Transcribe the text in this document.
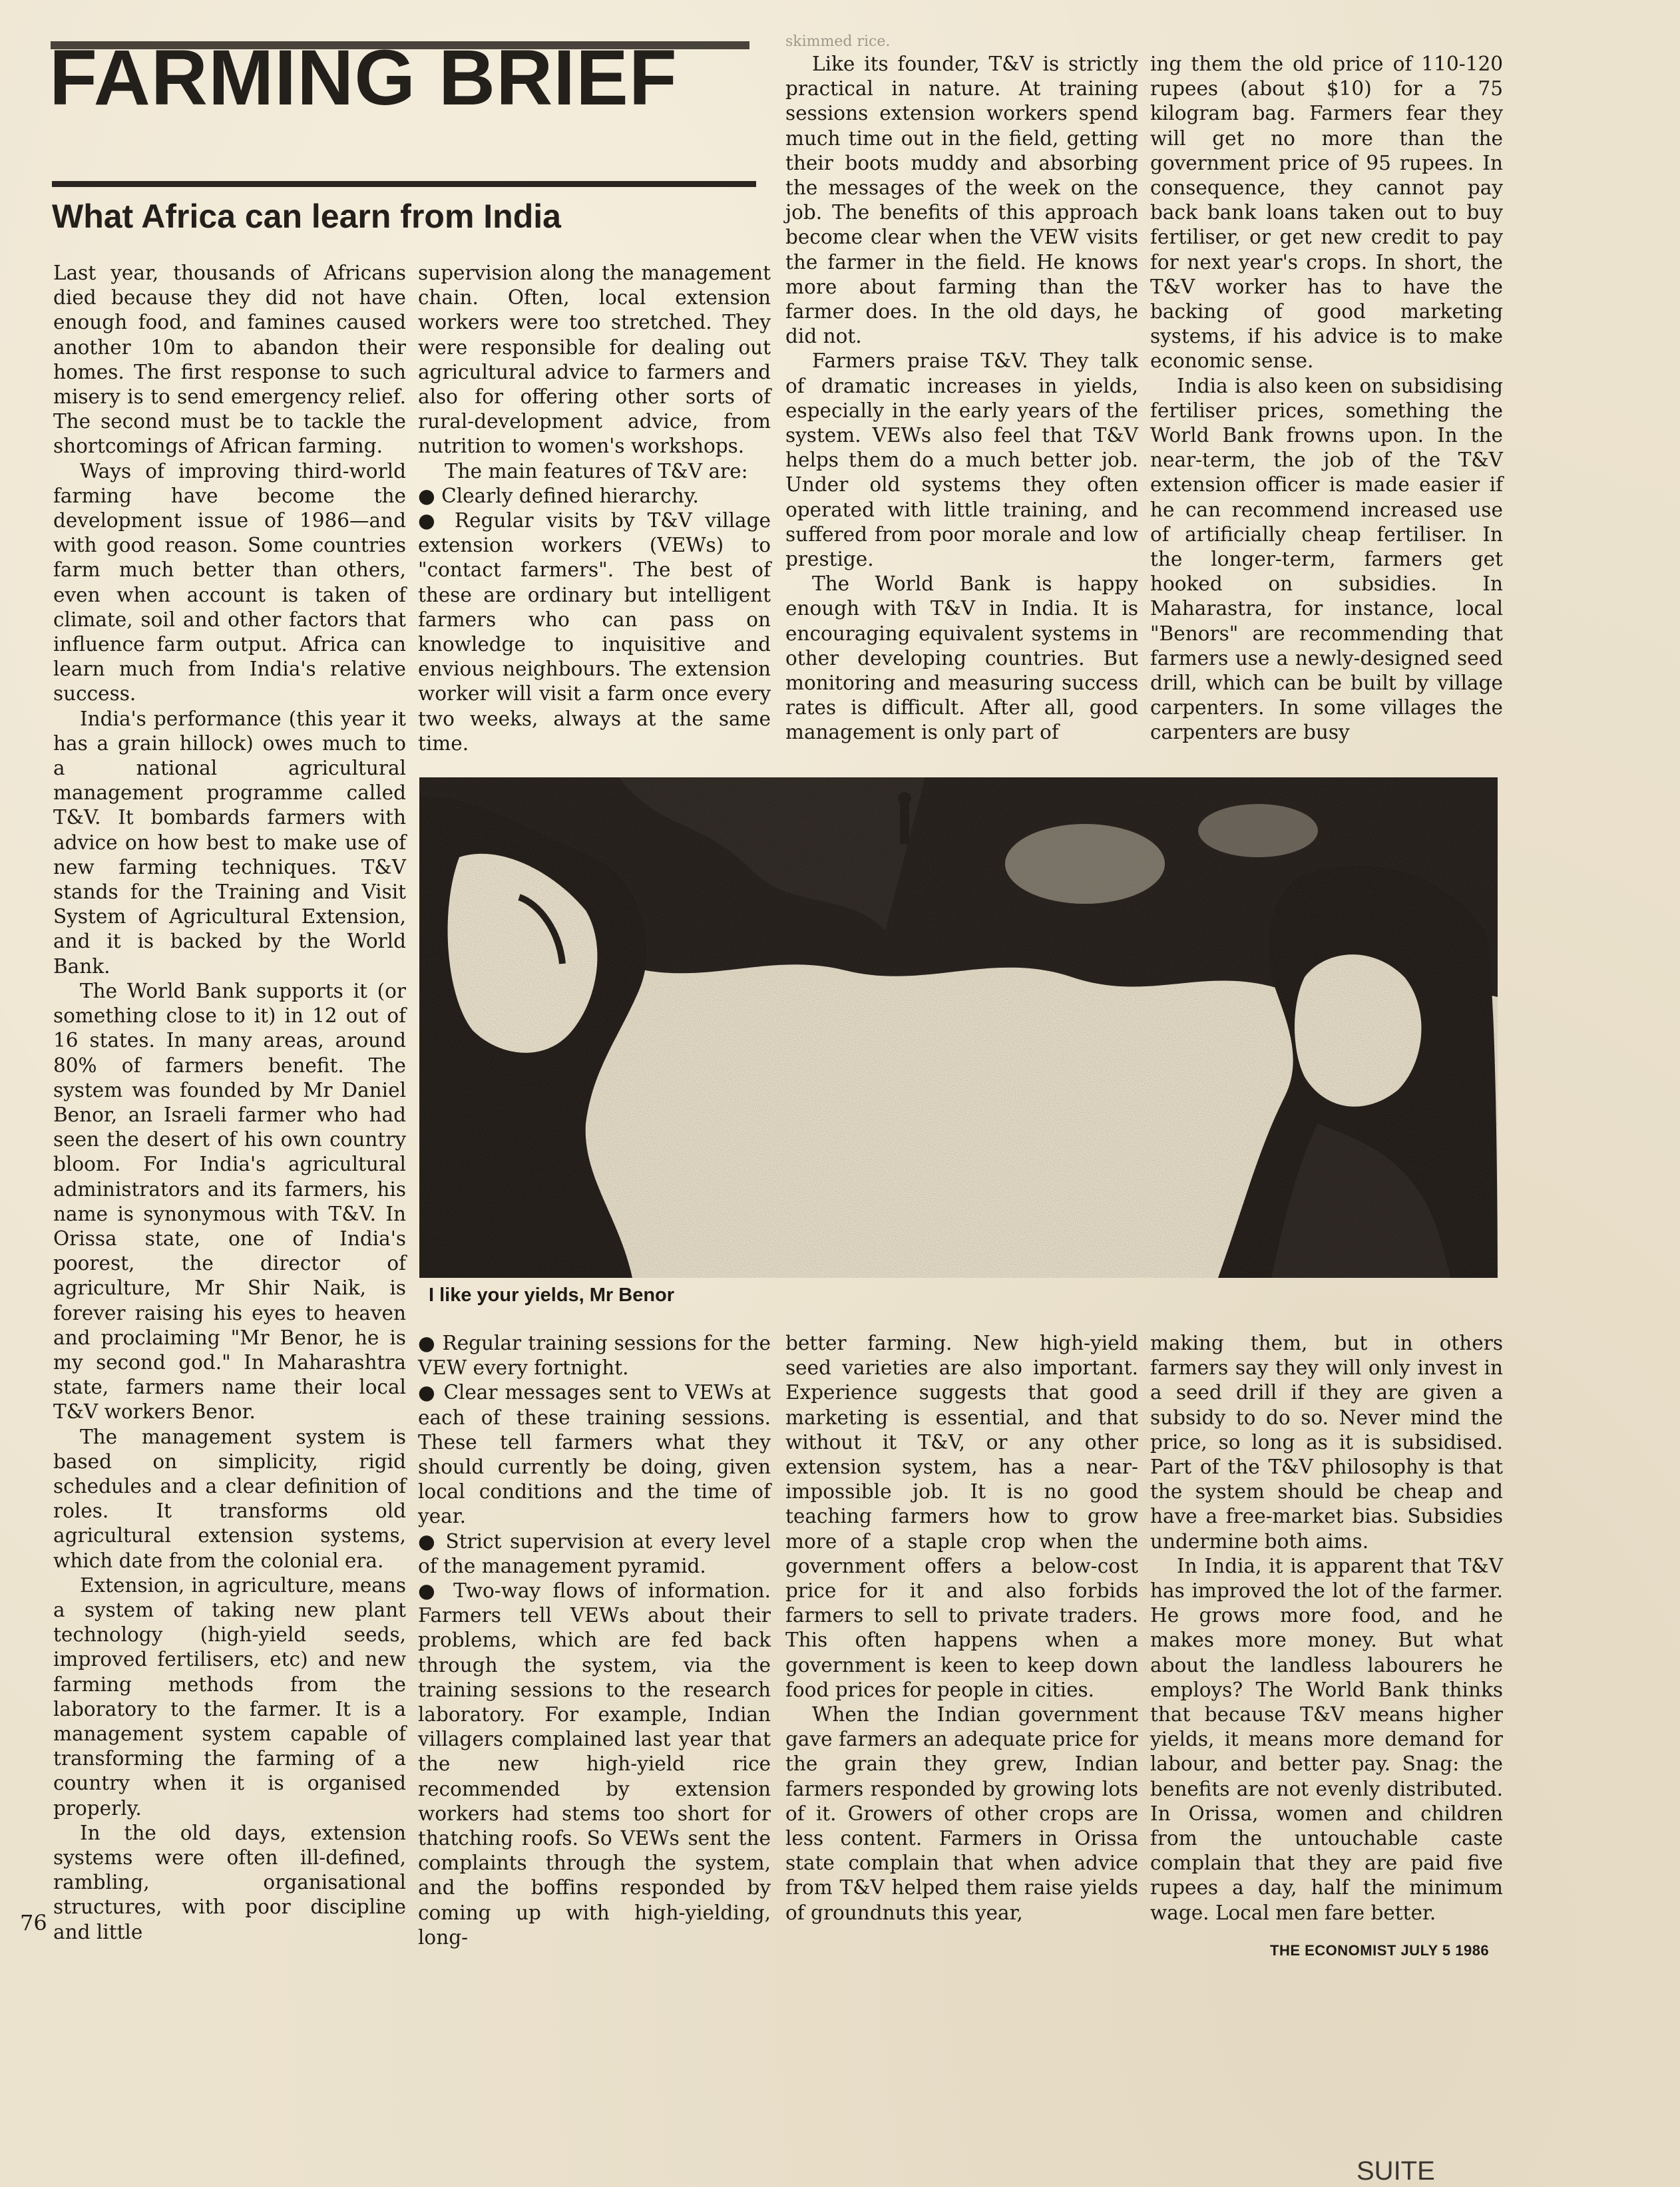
skimmed rice.
FARMING BRIEF
What Africa can learn from India

Last year, thousands of Africans died because they did not have enough food, and famines caused another 10m to abandon their homes. The first response to such misery is to send emergency relief. The second must be to tackle the shortcomings of African farming.

Ways of improving third-world farming have become the development issue of 1986—and with good reason. Some countries farm much better than others, even when account is taken of climate, soil and other factors that influence farm output. Africa can learn much from India's relative success.

India's performance (this year it has a grain hillock) owes much to a national agricultural management programme called T&V. It bombards farmers with advice on how best to make use of new farming techniques. T&V stands for the Training and Visit System of Agricultural Extension, and it is backed by the World Bank.

The World Bank supports it (or something close to it) in 12 out of 16 states. In many areas, around 80% of farmers benefit. The system was founded by Mr Daniel Benor, an Israeli farmer who had seen the desert of his own country bloom. For India's agricultural administrators and its farmers, his name is synonymous with T&V. In Orissa state, one of India's poorest, the director of agriculture, Mr Shir Naik, is forever raising his eyes to heaven and proclaiming "Mr Benor, he is my second god." In Maharashtra state, farmers name their local T&V workers Benor.

The management system is based on simplicity, rigid schedules and a clear definition of roles. It transforms old agricultural extension systems, which date from the colonial era.

Extension, in agriculture, means a system of taking new plant technology (high-yield seeds, improved fertilisers, etc) and new farming methods from the laboratory to the farmer. It is a management system capable of transforming the farming of a country when it is organised properly.

In the old days, extension systems were often ill-defined, rambling, organisational structures, with poor discipline and little

supervision along the management chain. Often, local extension workers were too stretched. They were responsible for dealing out agricultural advice to farmers and also for offering other sorts of rural-development advice, from nutrition to women's workshops.

The main features of T&V are:

● Clearly defined hierarchy.

● Regular visits by T&V village extension workers (VEWs) to "contact farmers". The best of these are ordinary but intelligent farmers who can pass on knowledge to inquisitive and envious neighbours. The extension worker will visit a farm once every two weeks, always at the same time.

Like its founder, T&V is strictly practical in nature. At training sessions extension workers spend much time out in the field, getting their boots muddy and absorbing the messages of the week on the job. The benefits of this approach become clear when the VEW visits the farmer in the field. He knows more about farming than the farmer does. In the old days, he did not.

Farmers praise T&V. They talk of dramatic increases in yields, especially in the early years of the system. VEWs also feel that T&V helps them do a much better job. Under old systems they often operated with little training, and suffered from poor morale and low prestige.

The World Bank is happy enough with T&V in India. It is encouraging equivalent systems in other developing countries. But monitoring and measuring success rates is difficult. After all, good management is only part of

ing them the old price of 110-120 rupees (about $10) for a 75 kilogram bag. Farmers fear they will get no more than the government price of 95 rupees. In consequence, they cannot pay back bank loans taken out to buy fertiliser, or get new credit to pay for next year's crops. In short, the T&V worker has to have the backing of good marketing systems, if his advice is to make economic sense.

India is also keen on subsidising fertiliser prices, something the World Bank frowns upon. In the near-term, the job of the T&V extension officer is made easier if he can recommend increased use of artificially cheap fertiliser. In the longer-term, farmers get hooked on subsidies. In Maharastra, for instance, local "Benors" are recommending that farmers use a newly-designed seed drill, which can be built by village carpenters. In some villages the carpenters are busy

I like your yields, Mr Benor

● Regular training sessions for the VEW every fortnight.

● Clear messages sent to VEWs at each of these training sessions. These tell farmers what they should currently be doing, given local conditions and the time of year.

● Strict supervision at every level of the management pyramid.

● Two-way flows of information. Farmers tell VEWs about their problems, which are fed back through the system, via the training sessions to the research laboratory. For example, Indian villagers complained last year that the new high-yield rice recommended by extension workers had stems too short for thatching roofs. So VEWs sent the complaints through the system, and the boffins responded by coming up with high-yielding, long-

better farming. New high-yield seed varieties are also important. Experience suggests that good marketing is essential, and that without it T&V, or any other extension system, has a near-impossible job. It is no good teaching farmers how to grow more of a staple crop when the government offers a below-cost price for it and also forbids farmers to sell to private traders. This often happens when a government is keen to keep down food prices for people in cities.

When the Indian government gave farmers an adequate price for the grain they grew, Indian farmers responded by growing lots of it. Growers of other crops are less content. Farmers in Orissa state complain that when advice from T&V helped them raise yields of groundnuts this year,

making them, but in others farmers say they will only invest in a seed drill if they are given a subsidy to do so. Never mind the price, so long as it is subsidised. Part of the T&V philosophy is that the system should be cheap and have a free-market bias. Subsidies undermine both aims.

In India, it is apparent that T&V has improved the lot of the farmer. He grows more food, and he makes more money. But what about the landless labourers he employs? The World Bank thinks that because T&V means higher yields, it means more demand for labour, and better pay. Snag: the benefits are not evenly distributed. In Orissa, women and children from the untouchable caste complain that they are paid five rupees a day, half the minimum wage. Local men fare better.

76
THE ECONOMIST JULY 5 1986
SUITE
